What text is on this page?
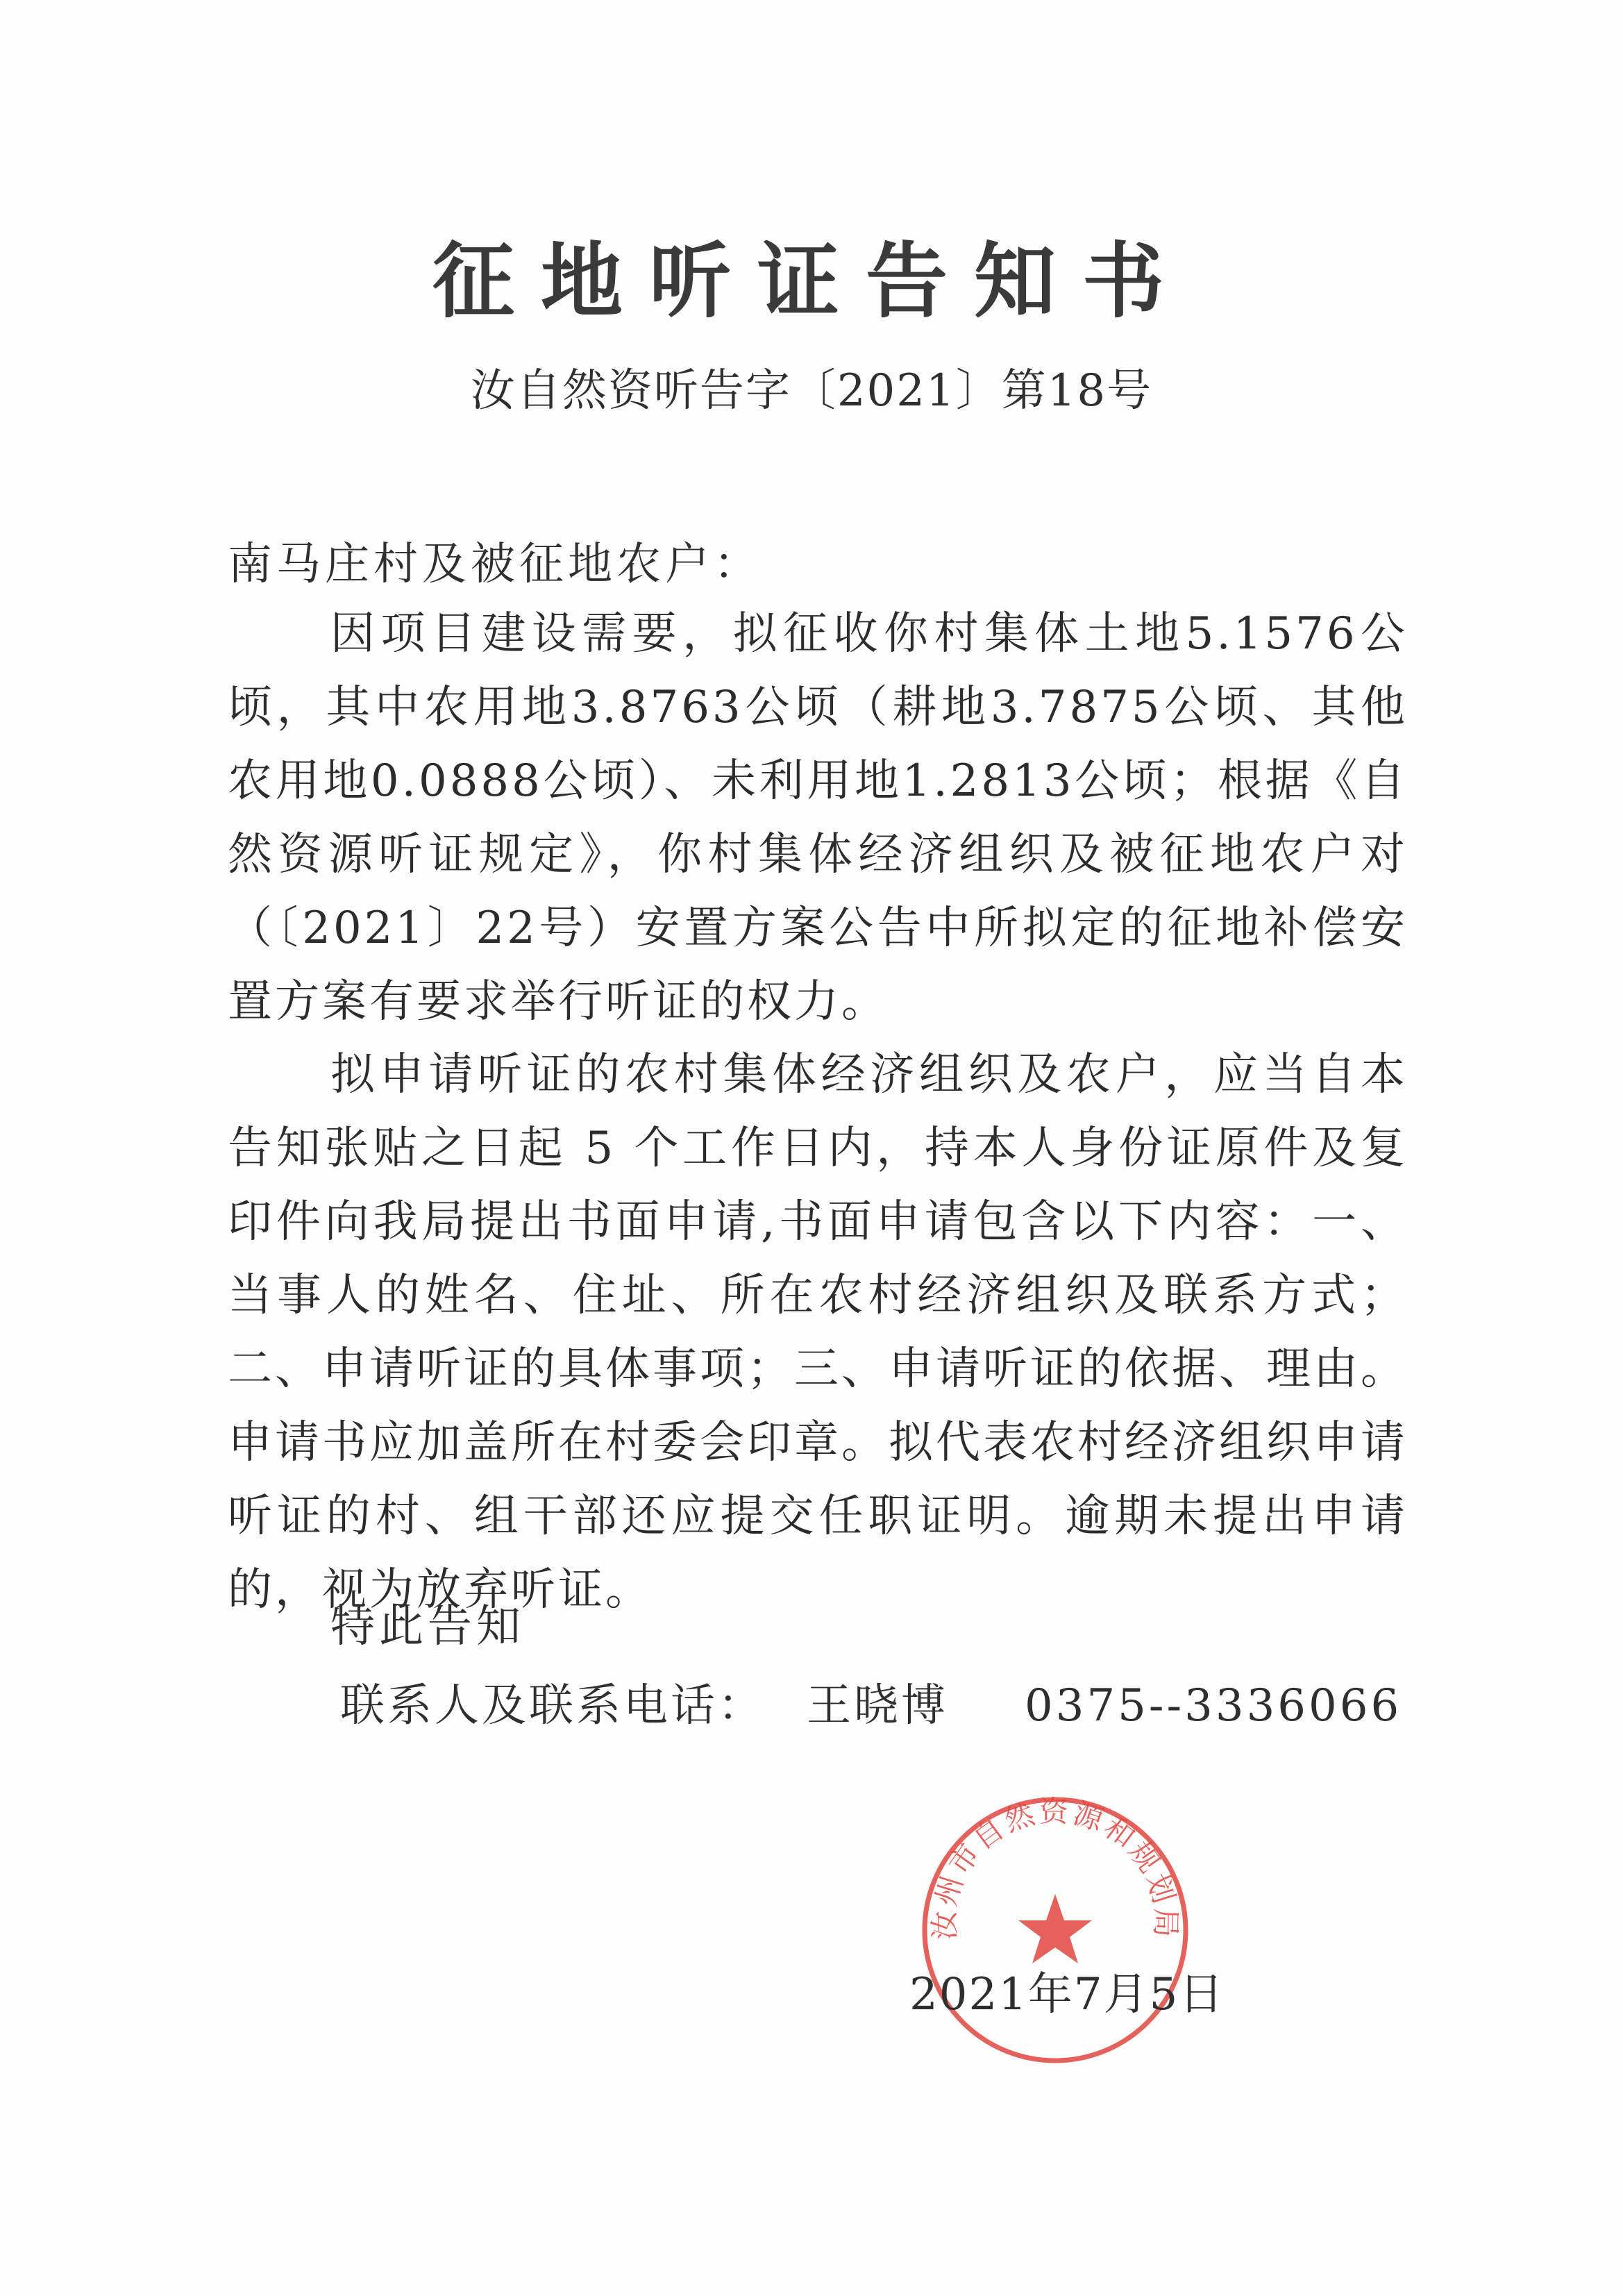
征地听证告知书
汝自然资听告字〔2021〕第18号
南马庄村及被征地农户：
因项目建设需要，拟征收你村集体土地5.1576公顷，其中农用地3.8763公顷（耕地3.7875公顷、其他农用地0.0888公顷）、未利用地1.2813公顷；根据《自然资源听证规定》，你村集体经济组织及被征地农户对（〔2021〕22号）安置方案公告中所拟定的征地补偿安置方案有要求举行听证的权力。
拟申请听证的农村集体经济组织及农户，应当自本告知张贴之日起 5 个工作日内，持本人身份证原件及复印件向我局提出书面申请,书面申请包含以下内容：一、当事人的姓名、住址、所在农村经济组织及联系方式；二、申请听证的具体事项；三、申请听证的依据、理由。申请书应加盖所在村委会印章。拟代表农村经济组织申请听证的村、组干部还应提交任职证明。逾期未提出申请的，视为放弃听证。
特此告知
联系人及联系电话： 王晓博 0375--3336066
汝州市自然资源和规划局
2021年7月5日
